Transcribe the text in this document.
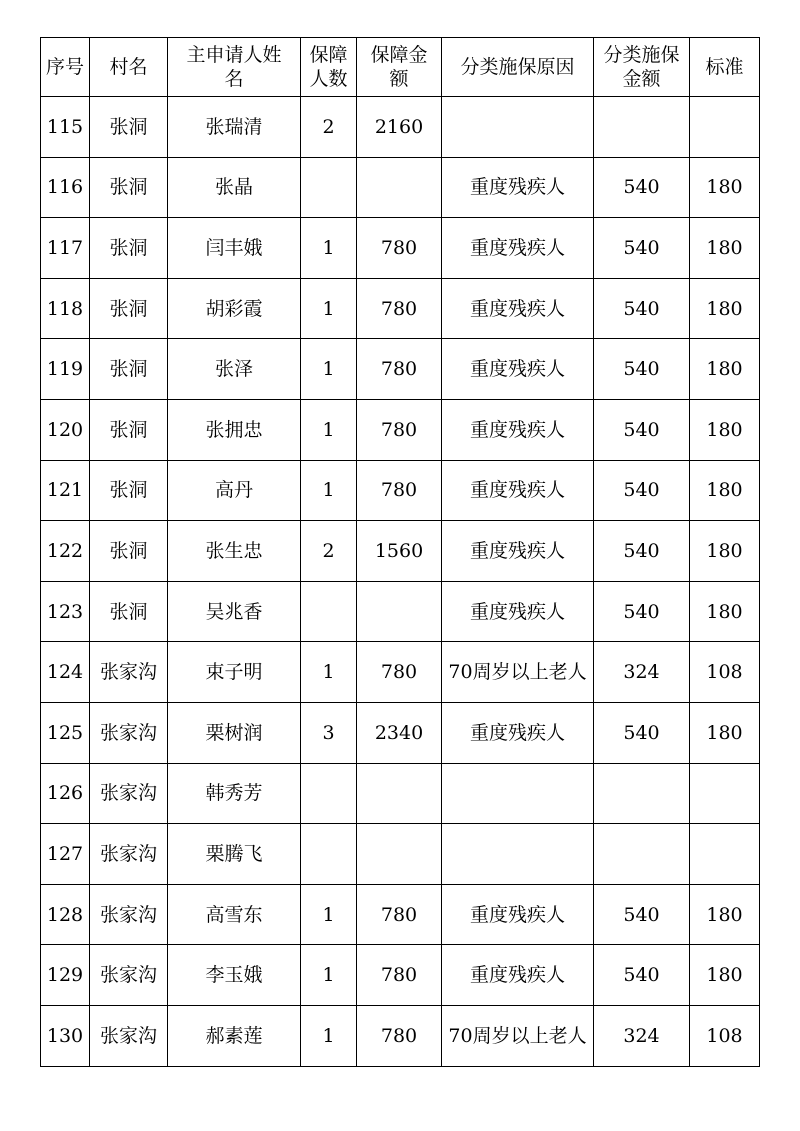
序号	村名	主申请人姓名	保障人数	保障金额	分类施保原因	分类施保金额	标准
115	张洞	张瑞清	2	2160			
116	张洞	张晶			重度残疾人	540	180
117	张洞	闫丰娥	1	780	重度残疾人	540	180
118	张洞	胡彩霞	1	780	重度残疾人	540	180
119	张洞	张泽	1	780	重度残疾人	540	180
120	张洞	张拥忠	1	780	重度残疾人	540	180
121	张洞	高丹	1	780	重度残疾人	540	180
122	张洞	张生忠	2	1560	重度残疾人	540	180
123	张洞	吴兆香			重度残疾人	540	180
124	张家沟	束子明	1	780	70周岁以上老人	324	108
125	张家沟	栗树润	3	2340	重度残疾人	540	180
126	张家沟	韩秀芳					
127	张家沟	栗腾飞					
128	张家沟	高雪东	1	780	重度残疾人	540	180
129	张家沟	李玉娥	1	780	重度残疾人	540	180
130	张家沟	郝素莲	1	780	70周岁以上老人	324	108
